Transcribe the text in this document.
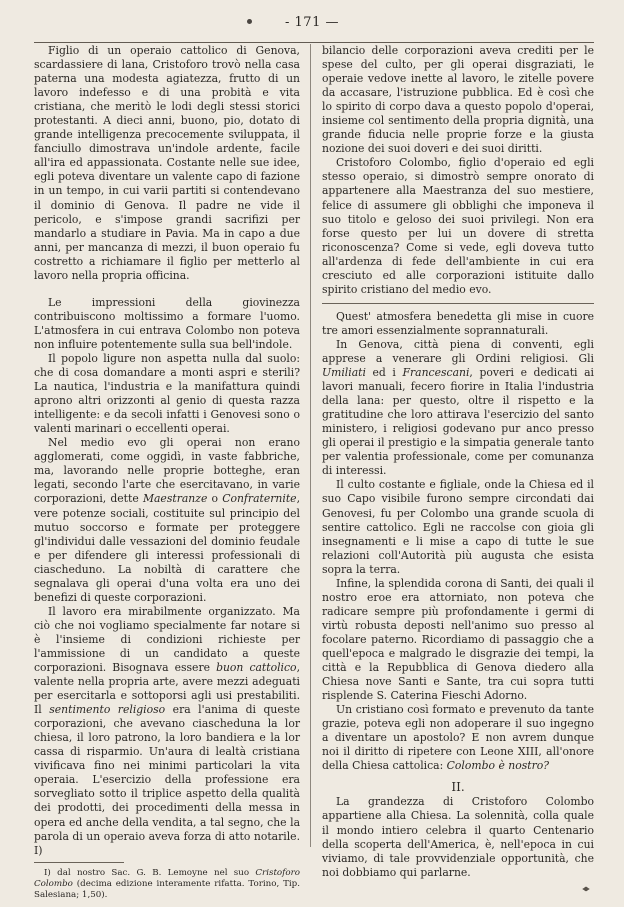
- 171 —

Figlio di un operaio cattolico di Genova, scardassiere di lana, Cristoforo trovò nella casa paterna una modesta agiatezza, frutto di un lavoro indefesso e di una probità e vita cristiana, che meritò le lodi degli stessi storici protestanti. A dieci anni, buono, pio, dotato di grande intelligenza precocemente sviluppata, il fanciullo dimostrava un'indole ardente, facile all'ira ed appassionata. Costante nelle sue idee, egli poteva diventare un valente capo di fazione in un tempo, in cui varii partiti si contendevano il dominio di Genova. Il padre ne vide il pericolo, e s'impose grandi sacrifizi per mandarlo a studiare in Pavia. Ma in capo a due anni, per mancanza di mezzi, il buon operaio fu costretto a richiamare il figlio per metterlo al lavoro nella propria officina.

Le impressioni della giovinezza contribuiscono moltissimo a formare l'uomo. L'atmosfera in cui entrava Colombo non poteva non influire potentemente sulla sua bell'indole.

Il popolo ligure non aspetta nulla dal suolo: che di cosa domandare a monti aspri e sterili? La nautica, l'industria e la manifattura quindi aprono altri orizzonti al genio di questa razza intelligente: e da secoli infatti i Genovesi sono o valenti marinari o eccellenti operai.

Nel medio evo gli operai non erano agglomerati, come oggidì, in vaste fabbriche, ma, lavorando nelle proprie botteghe, eran legati, secondo l'arte che esercitavano, in varie corporazioni, dette Maestranze o Confraternite, vere potenze sociali, costituite sul principio del mutuo soccorso e formate per proteggere gl'individui dalle vessazioni del dominio feudale e per difendere gli interessi professionali di ciascheduno. La nobiltà di carattere che segnalava gli operai d'una volta era uno dei benefizi di queste corporazioni.

Il lavoro era mirabilmente organizzato. Ma ciò che noi vogliamo specialmente far notare si è l'insieme di condizioni richieste per l'ammissione di un candidato a queste corporazioni. Bisognava essere buon cattolico, valente nella propria arte, avere mezzi adeguati per esercitarla e sottoporsi agli usi prestabiliti. Il sentimento religioso era l'anima di queste corporazioni, che avevano ciascheduna la lor chiesa, il loro patrono, la loro bandiera e la lor cassa di risparmio. Un'aura di lealtà cristiana vivificava fino nei minimi particolari la vita operaia. L'esercizio della professione era sorvegliato sotto il triplice aspetto della qualità dei prodotti, dei procedimenti della messa in opera ed anche della vendita, a tal segno, che la parola di un operaio aveva forza di atto notarile. I)

I) dal nostro Sac. G. B. Lemoyne nel suo Cristoforo Colombo (decima edizione interamente rifatta. Torino, Tip. Salesiana; 1,50).

bilancio delle corporazioni aveva crediti per le spese del culto, per gli operai disgraziati, le operaie vedove inette al lavoro, le zitelle povere da accasare, l'istruzione pubblica. Ed è così che lo spirito di corpo dava a questo popolo d'operai, insieme col sentimento della propria dignità, una grande fiducia nelle proprie forze e la giusta nozione dei suoi doveri e dei suoi diritti.

Cristoforo Colombo, figlio d'operaio ed egli stesso operaio, si dimostrò sempre onorato di appartenere alla Maestranza del suo mestiere, felice di assumere gli obblighi che imponeva il suo titolo e geloso dei suoi privilegi. Non era forse questo per lui un dovere di stretta riconoscenza? Come si vede, egli doveva tutto all'ardenza di fede dell'ambiente in cui era cresciuto ed alle corporazioni istituite dallo spirito cristiano del medio evo.

Quest' atmosfera benedetta gli mise in cuore tre amori essenzialmente soprannaturali.

In Genova, città piena di conventi, egli apprese a venerare gli Ordini religiosi. Gli Umiliati ed i Francescani, poveri e dedicati ai lavori manuali, fecero fiorire in Italia l'industria della lana: per questo, oltre il rispetto e la gratitudine che loro attirava l'esercizio del santo ministero, i religiosi godevano pur anco presso gli operai il prestigio e la simpatia generale tanto per valentia professionale, come per comunanza di interessi.

Il culto costante e figliale, onde la Chiesa ed il suo Capo visibile furono sempre circondati dai Genovesi, fu per Colombo una grande scuola di sentire cattolico. Egli ne raccolse con gioia gli insegnamenti e li mise a capo di tutte le sue relazioni coll'Autorità più augusta che esista sopra la terra.

Infine, la splendida corona di Santi, dei quali il nostro eroe era attorniato, non poteva che radicare sempre più profondamente i germi di virtù robusta deposti nell'animo suo presso al focolare paterno. Ricordiamo di passaggio che a quell'epoca e malgrado le disgrazie dei tempi, la città e la Repubblica di Genova diedero alla Chiesa nove Santi e Sante, tra cui sopra tutti risplende S. Caterina Fieschi Adorno.

Un cristiano così formato e prevenuto da tante grazie, poteva egli non adoperare il suo ingegno a diventare un apostolo? E non avrem dunque noi il diritto di ripetere con Leone XIII, all'onore della Chiesa cattolica: Colombo è nostro?

II.

La grandezza di Cristoforo Colombo appartiene alla Chiesa. La solennità, colla quale il mondo intiero celebra il quarto Centenario della scoperta dell'America, è, nell'epoca in cui viviamo, di tale provvidenziale opportunità, che noi dobbiamo qui parlarne.
